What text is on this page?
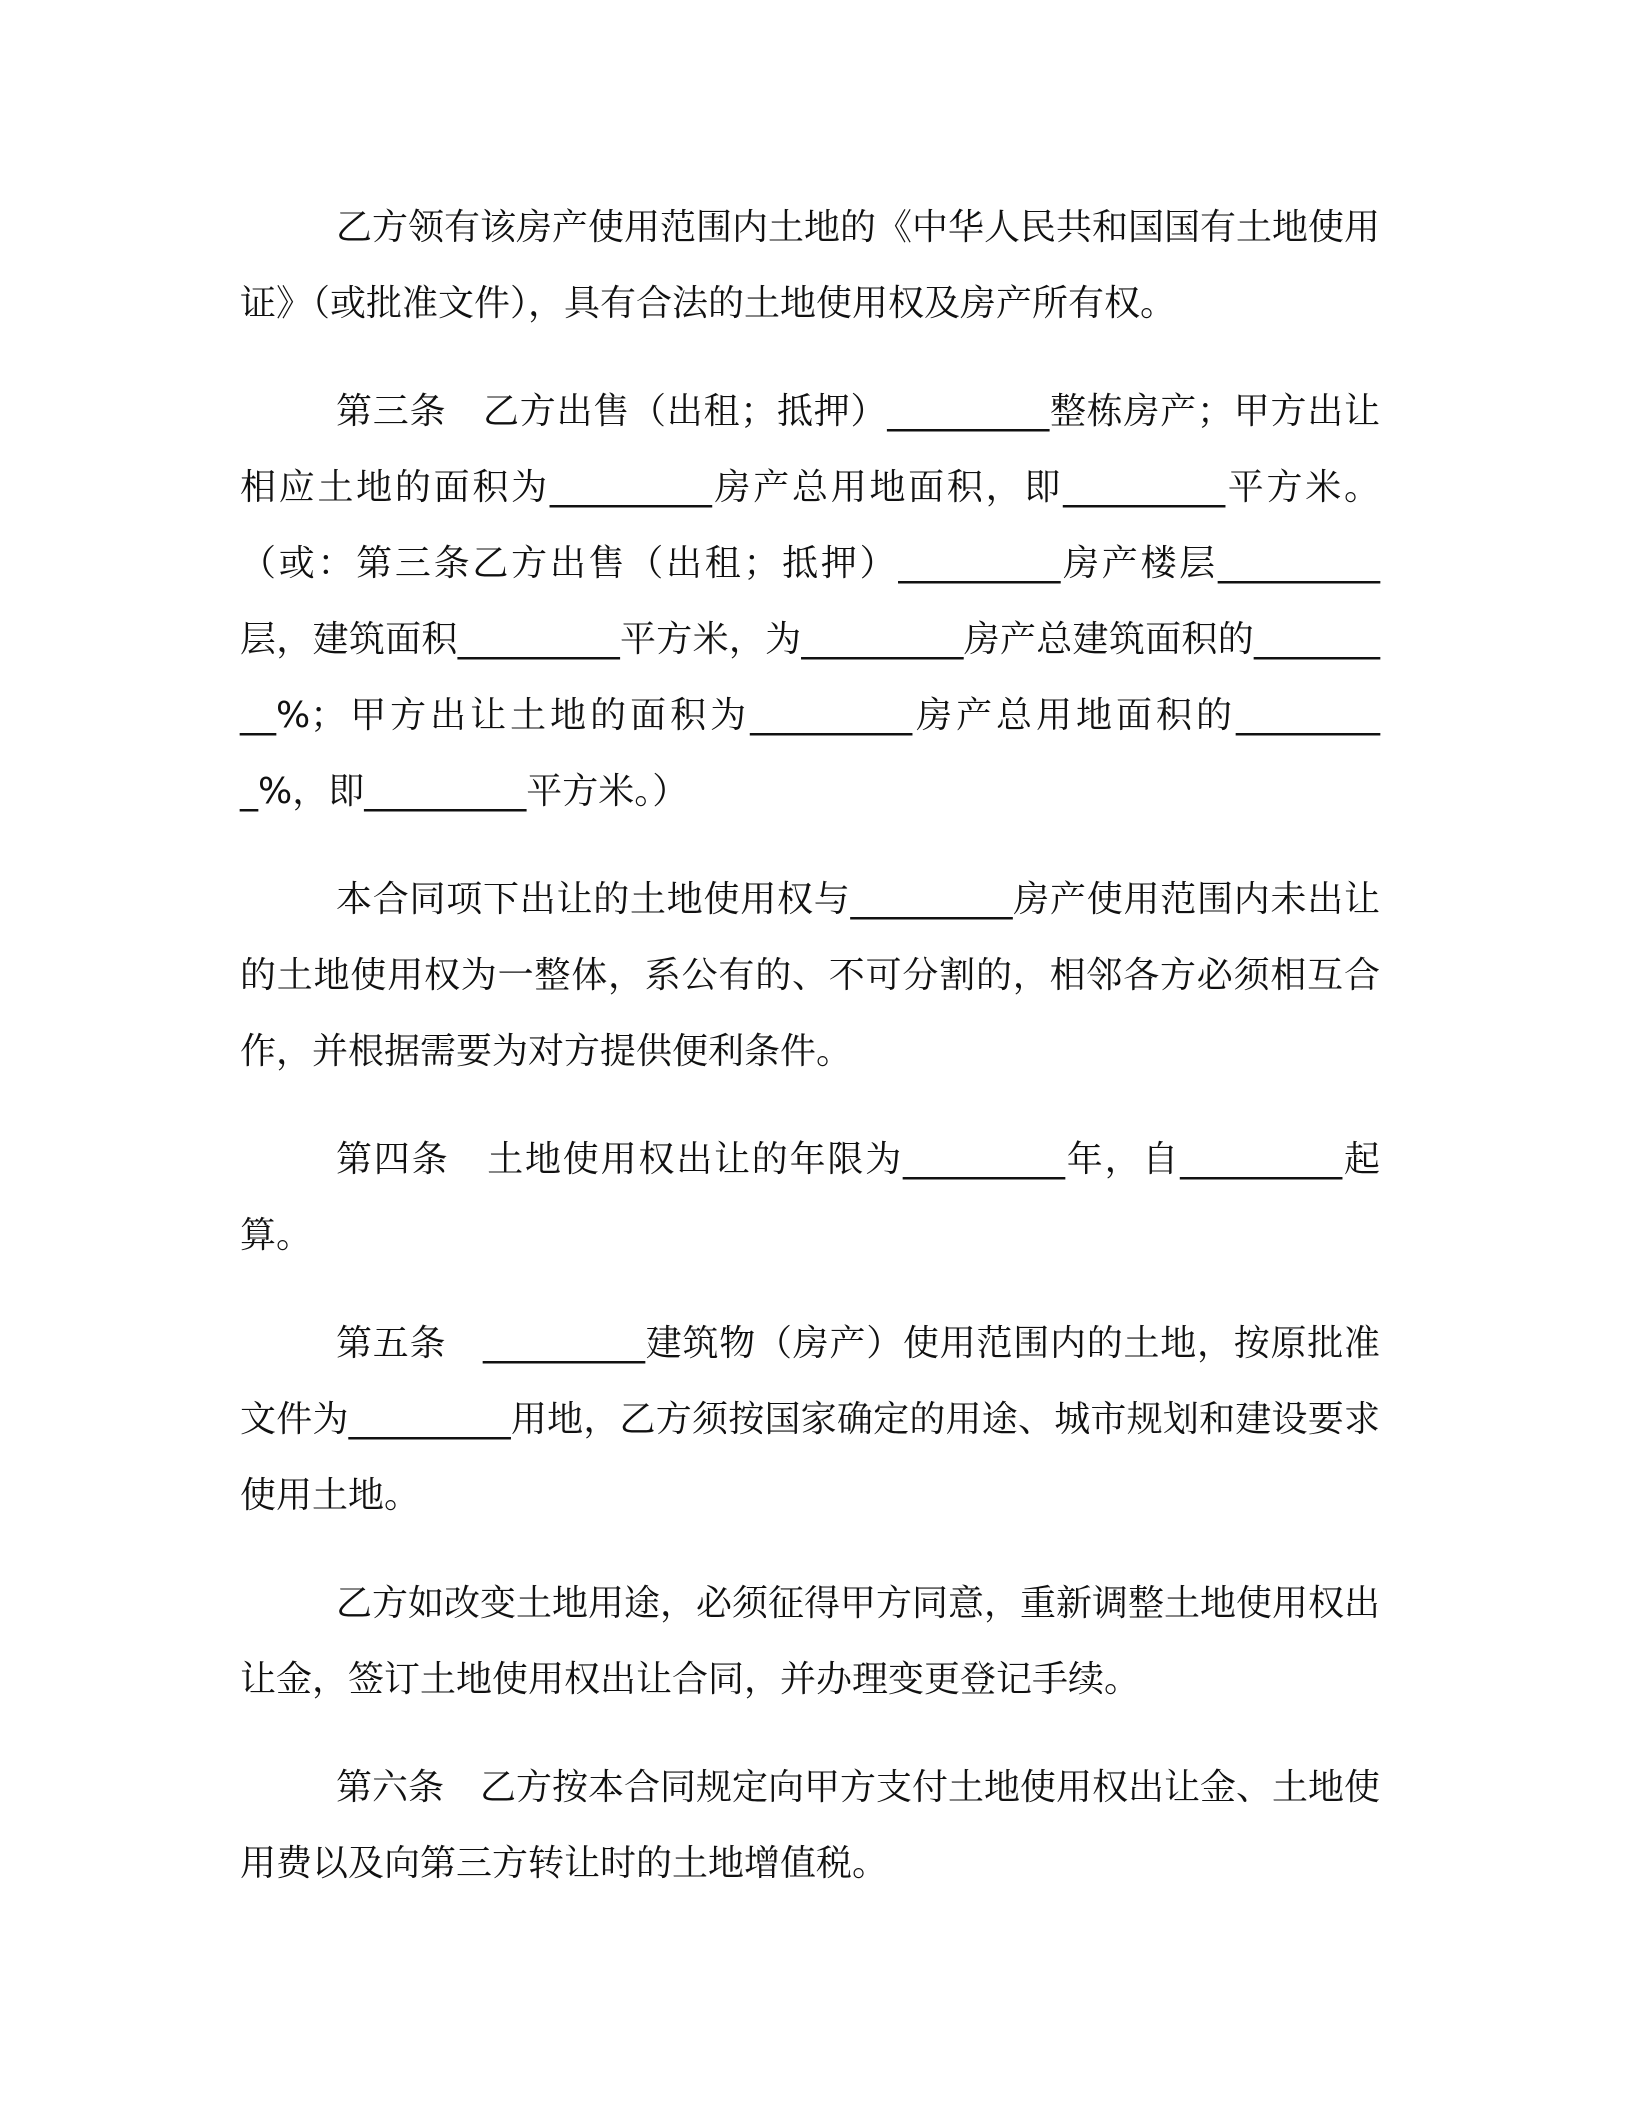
乙方领有该房产使用范围内土地的《中华人民共和国国有土地使用证》（或批准文件），具有合法的土地使用权及房产所有权。

第三条　乙方出售（出租；抵押）_________整栋房产；甲方出让相应土地的面积为_________房产总用地面积，即_________平方米。（或：第三条乙方出售（出租；抵押）_________房产楼层_________层，建筑面积_________平方米，为_________房产总建筑面积的_________%；甲方出让土地的面积为_________房产总用地面积的_________%，即_________平方米。）

本合同项下出让的土地使用权与_________房产使用范围内未出让的土地使用权为一整体，系公有的、不可分割的，相邻各方必须相互合作，并根据需要为对方提供便利条件。

第四条　土地使用权出让的年限为_________年，自_________起算。

第五条　_________建筑物（房产）使用范围内的土地，按原批准文件为_________用地，乙方须按国家确定的用途、城市规划和建设要求使用土地。

乙方如改变土地用途，必须征得甲方同意，重新调整土地使用权出让金，签订土地使用权出让合同，并办理变更登记手续。

第六条　乙方按本合同规定向甲方支付土地使用权出让金、土地使用费以及向第三方转让时的土地增值税。
